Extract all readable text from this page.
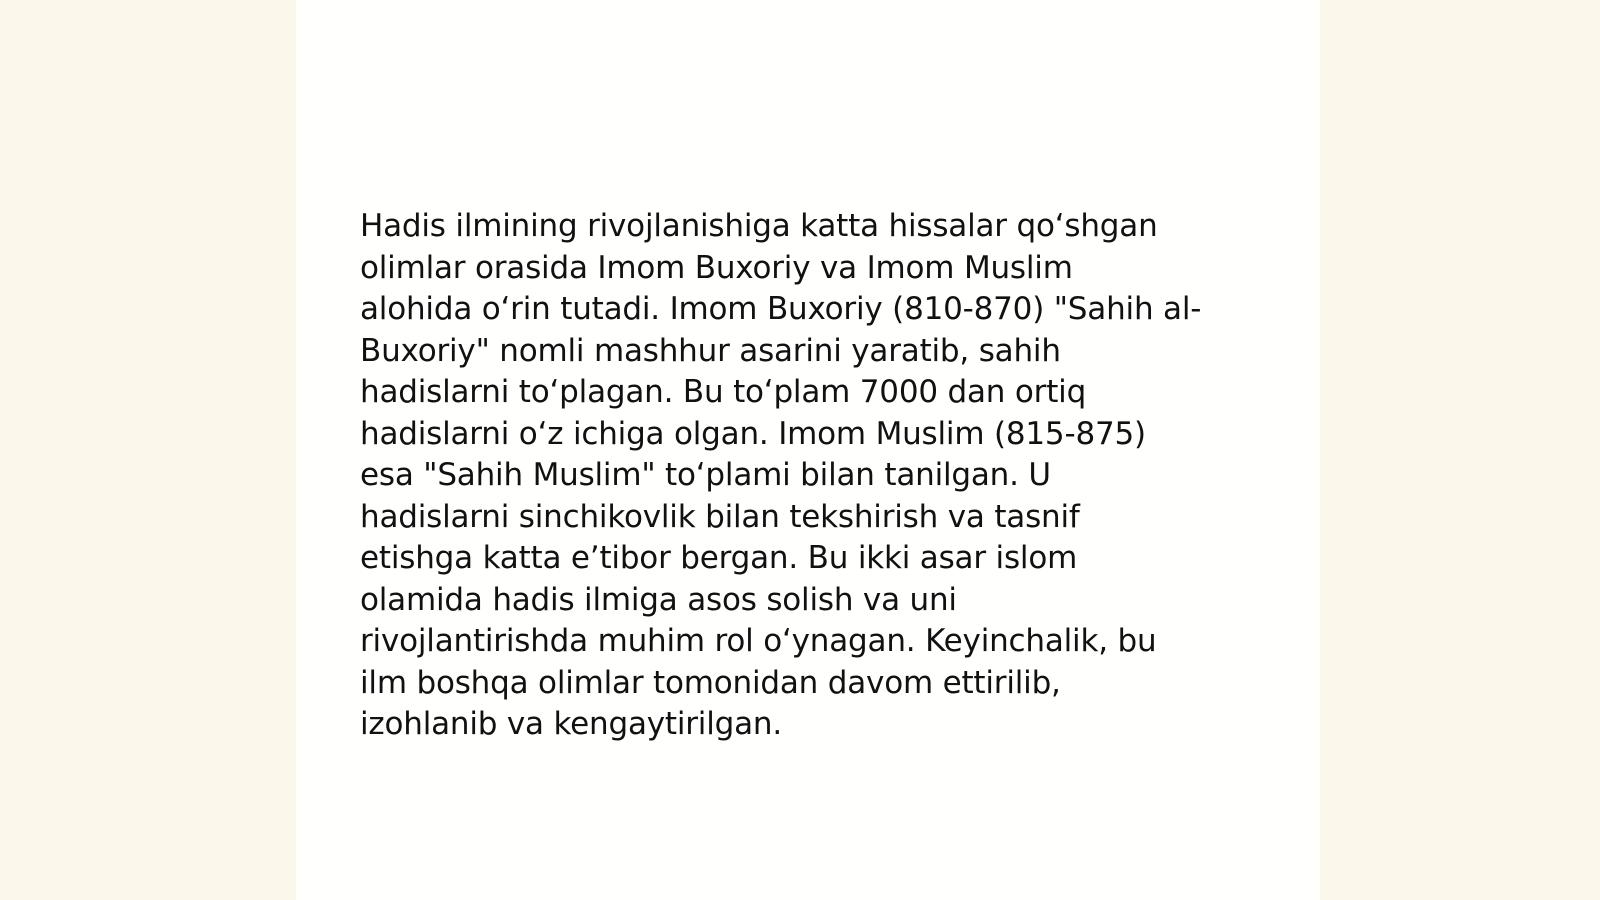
Hadis ilmining rivojlanishiga katta hissalar qo‘shgan
olimlar orasida Imom Buxoriy va Imom Muslim
alohida o‘rin tutadi. Imom Buxoriy (810-870) "Sahih al-
Buxoriy" nomli mashhur asarini yaratib, sahih
hadislarni to‘plagan. Bu to‘plam 7000 dan ortiq
hadislarni o‘z ichiga olgan. Imom Muslim (815-875)
esa "Sahih Muslim" to‘plami bilan tanilgan. U
hadislarni sinchikovlik bilan tekshirish va tasnif
etishga katta e’tibor bergan. Bu ikki asar islom
olamida hadis ilmiga asos solish va uni
rivojlantirishda muhim rol o‘ynagan. Keyinchalik, bu
ilm boshqa olimlar tomonidan davom ettirilib,
izohlanib va kengaytirilgan.
